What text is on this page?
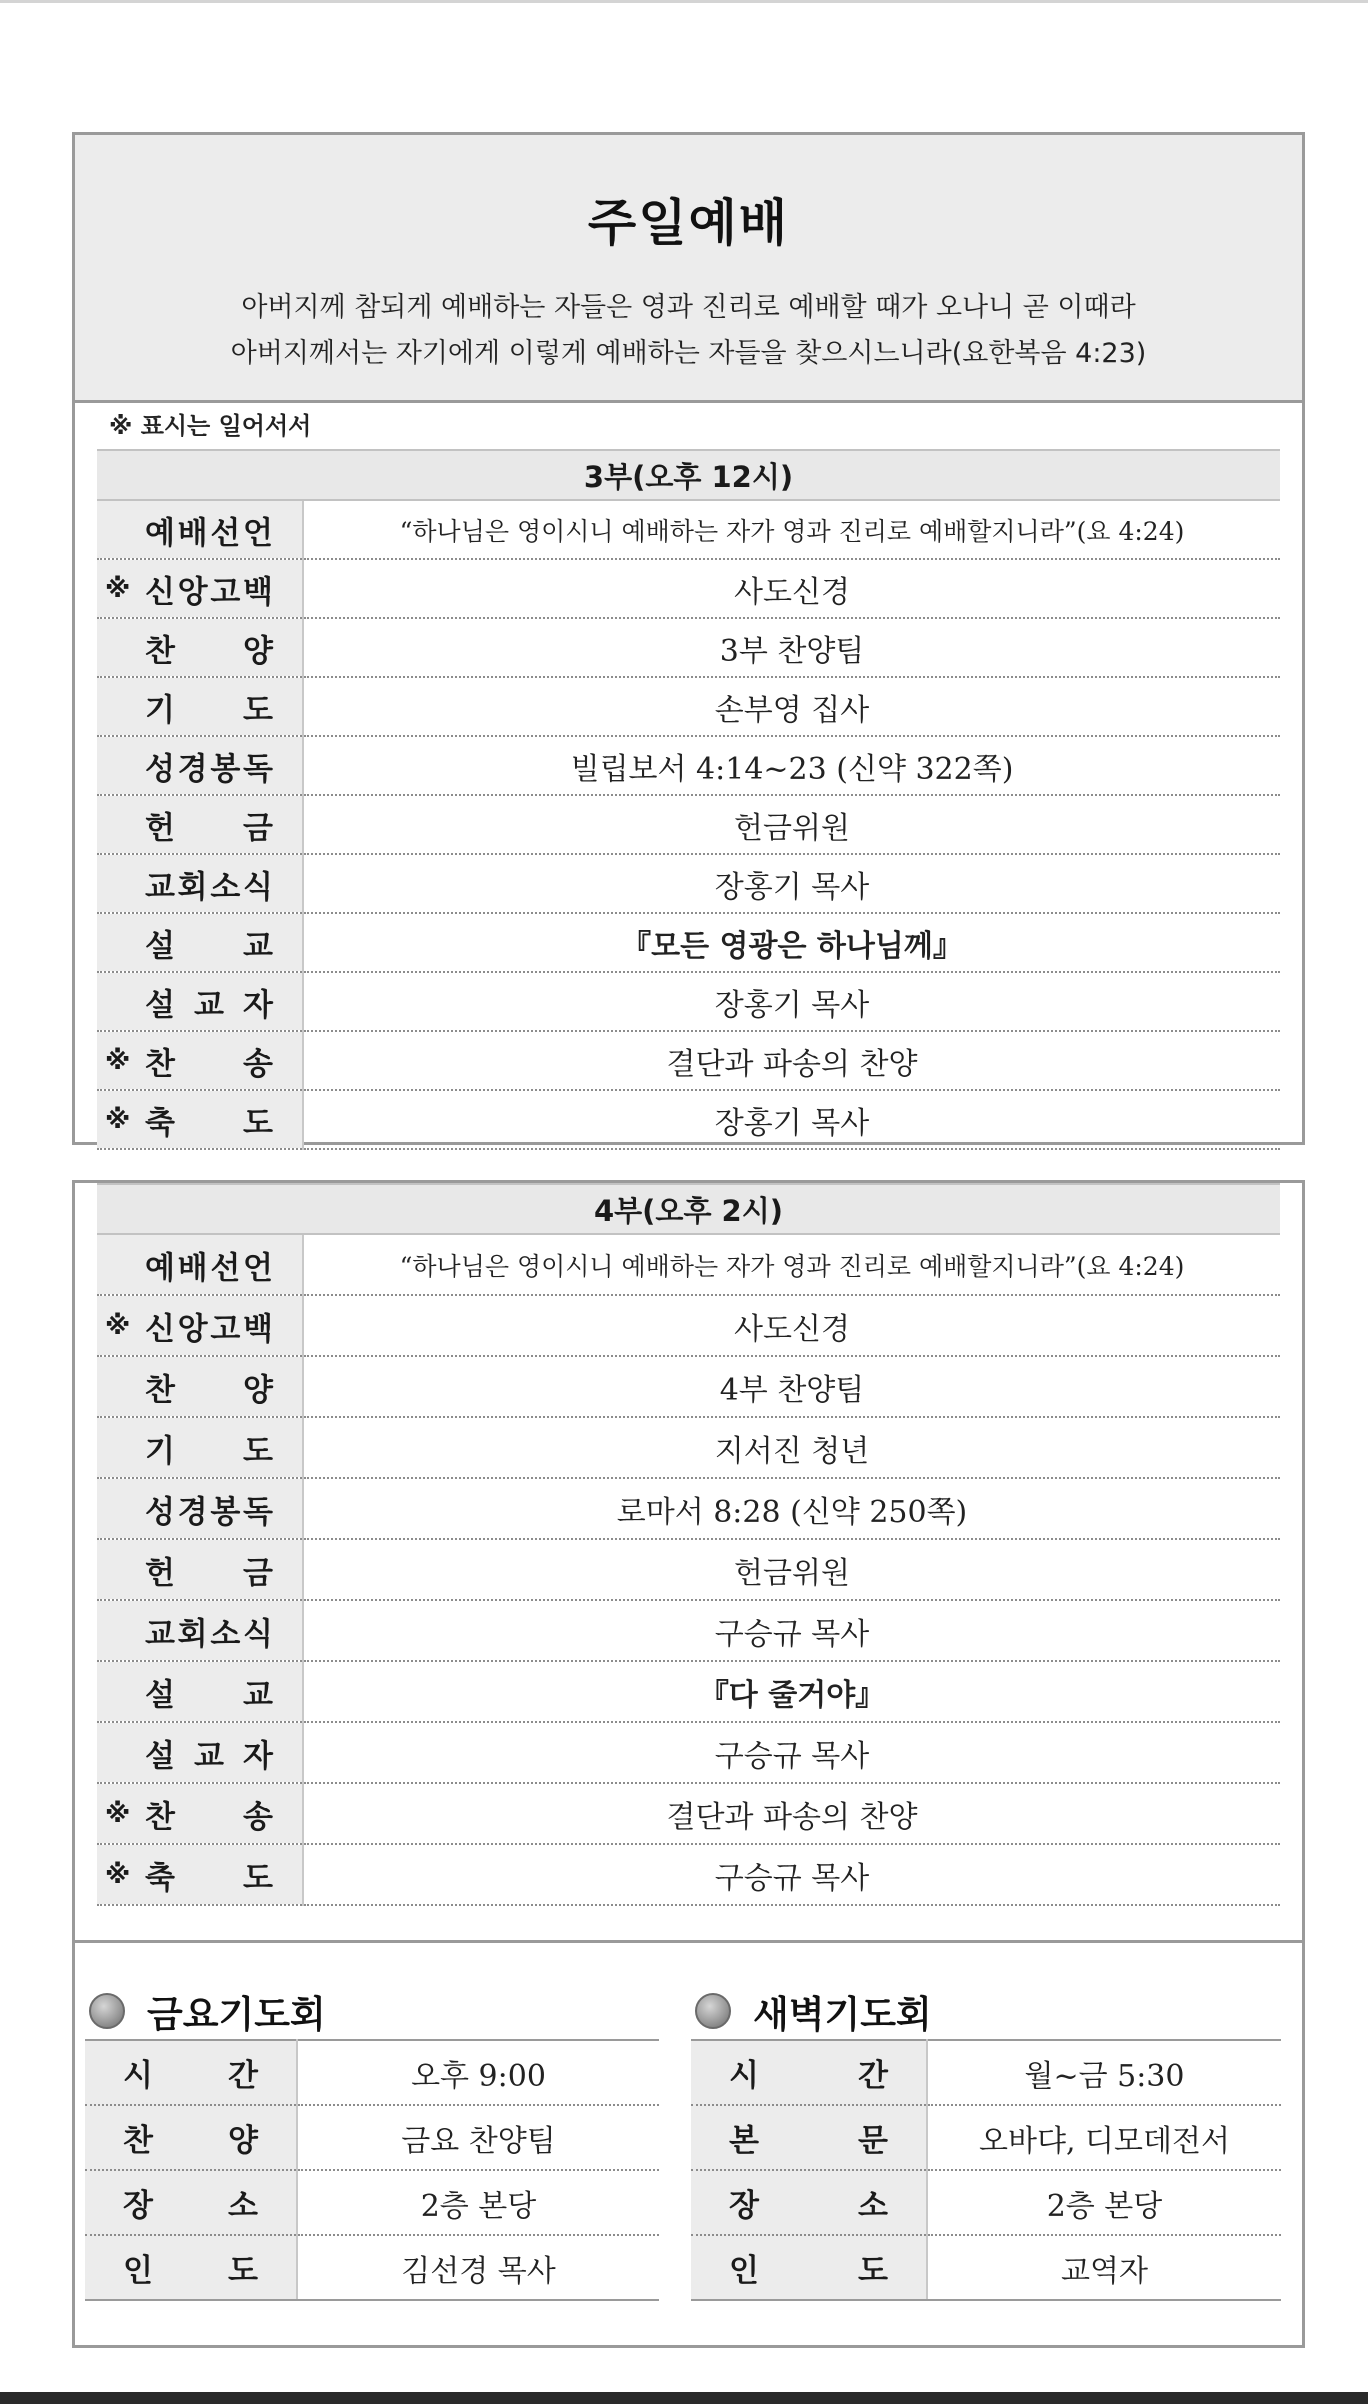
주일예배
아버지께 참되게 예배하는 자들은 영과 진리로 예배할 때가 오나니 곧 이때라
아버지께서는 자기에게 이렇게 예배하는 자들을 찾으시느니라(요한복음 4:23)
※ 표시는 일어서서
3부(오후 12시)	

예 배 선 언	“하나님은 영이시니 예배하는 자가 영과 진리로 예배할지니라”(요 4:24)

※ 신 앙 고 백	사도신경

찬 양	3부 찬양팀

기 도	손부영 집사

성 경 봉 독	빌립보서 4:14~23 (신약 322쪽)

헌 금	헌금위원

교 회 소 식	장홍기 목사

설 교	『모든 영광은 하나님께』

설 교 자	장홍기 목사

※ 찬 송	결단과 파송의 찬양

※ 축 도	장홍기 목사
4부(오후 2시)	

예 배 선 언	“하나님은 영이시니 예배하는 자가 영과 진리로 예배할지니라”(요 4:24)

※ 신 앙 고 백	사도신경

찬 양	4부 찬양팀

기 도	지서진 청년

성 경 봉 독	로마서 8:28 (신약 250쪽)

헌 금	헌금위원

교 회 소 식	구승규 목사

설 교	『다 줄거야』

설 교 자	구승규 목사

※ 찬 송	결단과 파송의 찬양

※ 축 도	구승규 목사
금요기도회
시 간	오후 9:00

찬 양	금요 찬양팀

장 소	2층 본당

인 도	김선경 목사
새벽기도회
시 간	월~금 5:30

본 문	오바댜, 디모데전서

장 소	2층 본당

인 도	교역자
